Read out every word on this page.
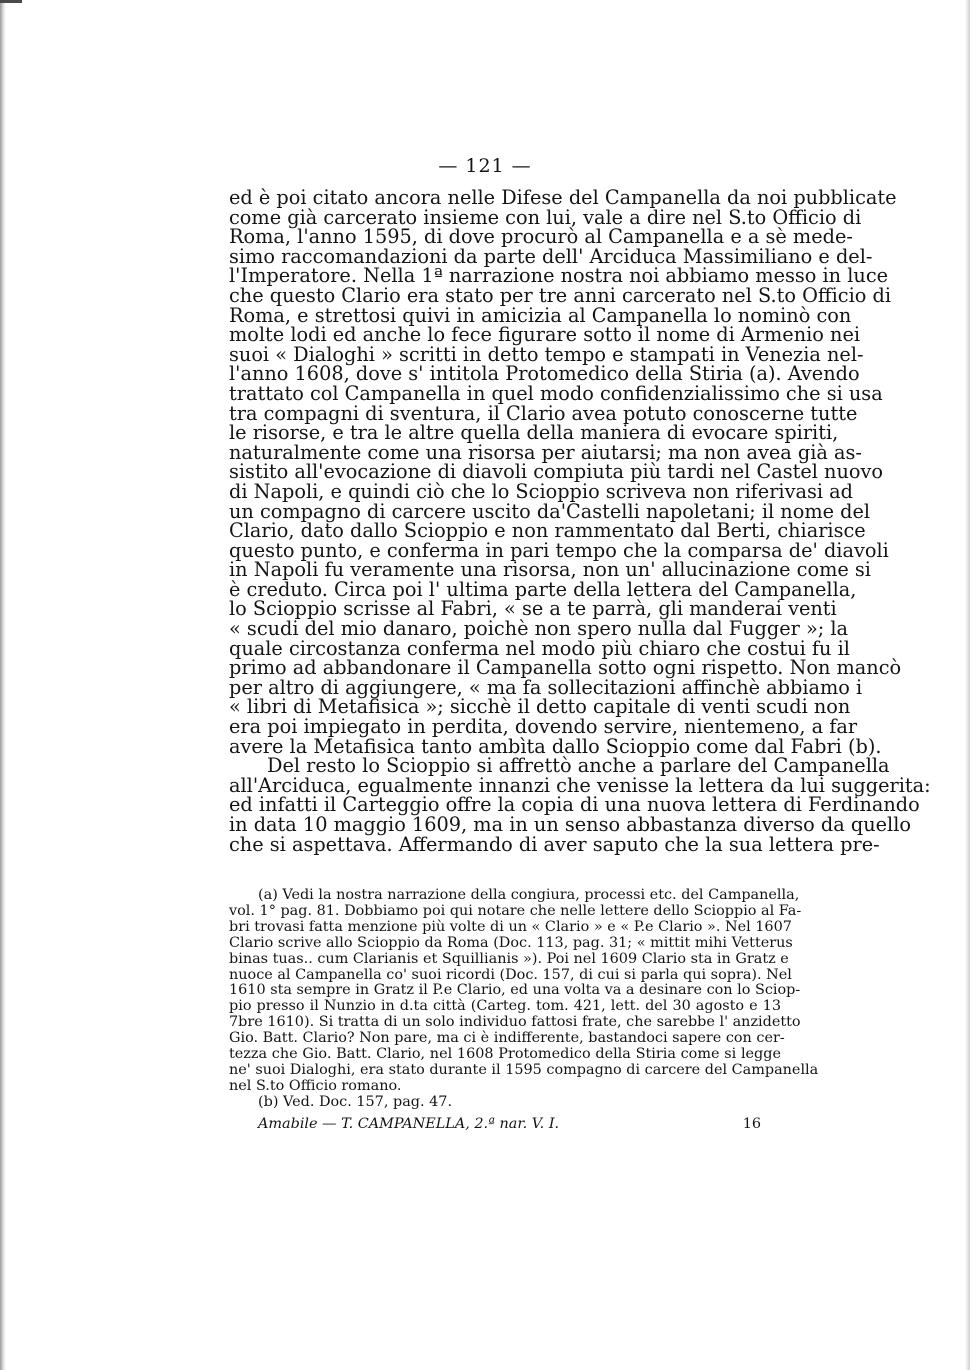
— 121 —
ed è poi citato ancora nelle Difese del Campanella da noi pubblicate
come già carcerato insieme con lui, vale a dire nel S.to Officio di
Roma, l'anno 1595, di dove procurò al Campanella e a sè mede-
simo raccomandazioni da parte dell' Arciduca Massimiliano e del-
l'Imperatore. Nella 1ª narrazione nostra noi abbiamo messo in luce
che questo Clario era stato per tre anni carcerato nel S.to Officio di
Roma, e strettosi quivi in amicizia al Campanella lo nominò con
molte lodi ed anche lo fece figurare sotto il nome di Armenio nei
suoi « Dialoghi » scritti in detto tempo e stampati in Venezia nel-
l'anno 1608, dove s' intitola Protomedico della Stiria (a). Avendo
trattato col Campanella in quel modo confidenzialissimo che si usa
tra compagni di sventura, il Clario avea potuto conoscerne tutte
le risorse, e tra le altre quella della maniera di evocare spiriti,
naturalmente come una risorsa per aiutarsi; ma non avea già as-
sistito all'evocazione di diavoli compiuta più tardi nel Castel nuovo
di Napoli, e quindi ciò che lo Scioppio scriveva non riferivasi ad
un compagno di carcere uscito da'Castelli napoletani; il nome del
Clario, dato dallo Scioppio e non rammentato dal Berti, chiarisce
questo punto, e conferma in pari tempo che la comparsa de' diavoli
in Napoli fu veramente una risorsa, non un' allucinazione come si
è creduto. Circa poi l' ultima parte della lettera del Campanella,
lo Scioppio scrisse al Fabri, « se a te parrà, gli manderai venti
« scudi del mio danaro, poichè non spero nulla dal Fugger »; la
quale circostanza conferma nel modo più chiaro che costui fu il
primo ad abbandonare il Campanella sotto ogni rispetto. Non mancò
per altro di aggiungere, « ma fa sollecitazioni affinchè abbiamo i
« libri di Metafisica »; sicchè il detto capitale di venti scudi non
era poi impiegato in perdita, dovendo servire, nientemeno, a far
avere la Metafisica tanto ambìta dallo Scioppio come dal Fabri (b).
Del resto lo Scioppio si affrettò anche a parlare del Campanella
all'Arciduca, egualmente innanzi che venisse la lettera da lui suggerita:
ed infatti il Carteggio offre la copia di una nuova lettera di Ferdinando
in data 10 maggio 1609, ma in un senso abbastanza diverso da quello
che si aspettava. Affermando di aver saputo che la sua lettera pre-
(a) Vedi la nostra narrazione della congiura, processi etc. del Campanella,
vol. 1° pag. 81. Dobbiamo poi qui notare che nelle lettere dello Scioppio al Fa-
bri trovasi fatta menzione più volte di un « Clario » e « P.e Clario ». Nel 1607
Clario scrive allo Scioppio da Roma (Doc. 113, pag. 31; « mittit mihi Vetterus
binas tuas.. cum Clarianis et Squillianis »). Poi nel 1609 Clario sta in Gratz e
nuoce al Campanella co' suoi ricordi (Doc. 157, di cui si parla qui sopra). Nel
1610 sta sempre in Gratz il P.e Clario, ed una volta va a desinare con lo Sciop-
pio presso il Nunzio in d.ta città (Carteg. tom. 421, lett. del 30 agosto e 13
7bre 1610). Si tratta di un solo individuo fattosi frate, che sarebbe l' anzidetto
Gio. Batt. Clario? Non pare, ma ci è indifferente, bastandoci sapere con cer-
tezza che Gio. Batt. Clario, nel 1608 Protomedico della Stiria come si legge
ne' suoi Dialoghi, era stato durante il 1595 compagno di carcere del Campanella
nel S.to Officio romano.
(b) Ved. Doc. 157, pag. 47.
Amabile — T. CAMPANELLA, 2.ª nar. V. I.	16
